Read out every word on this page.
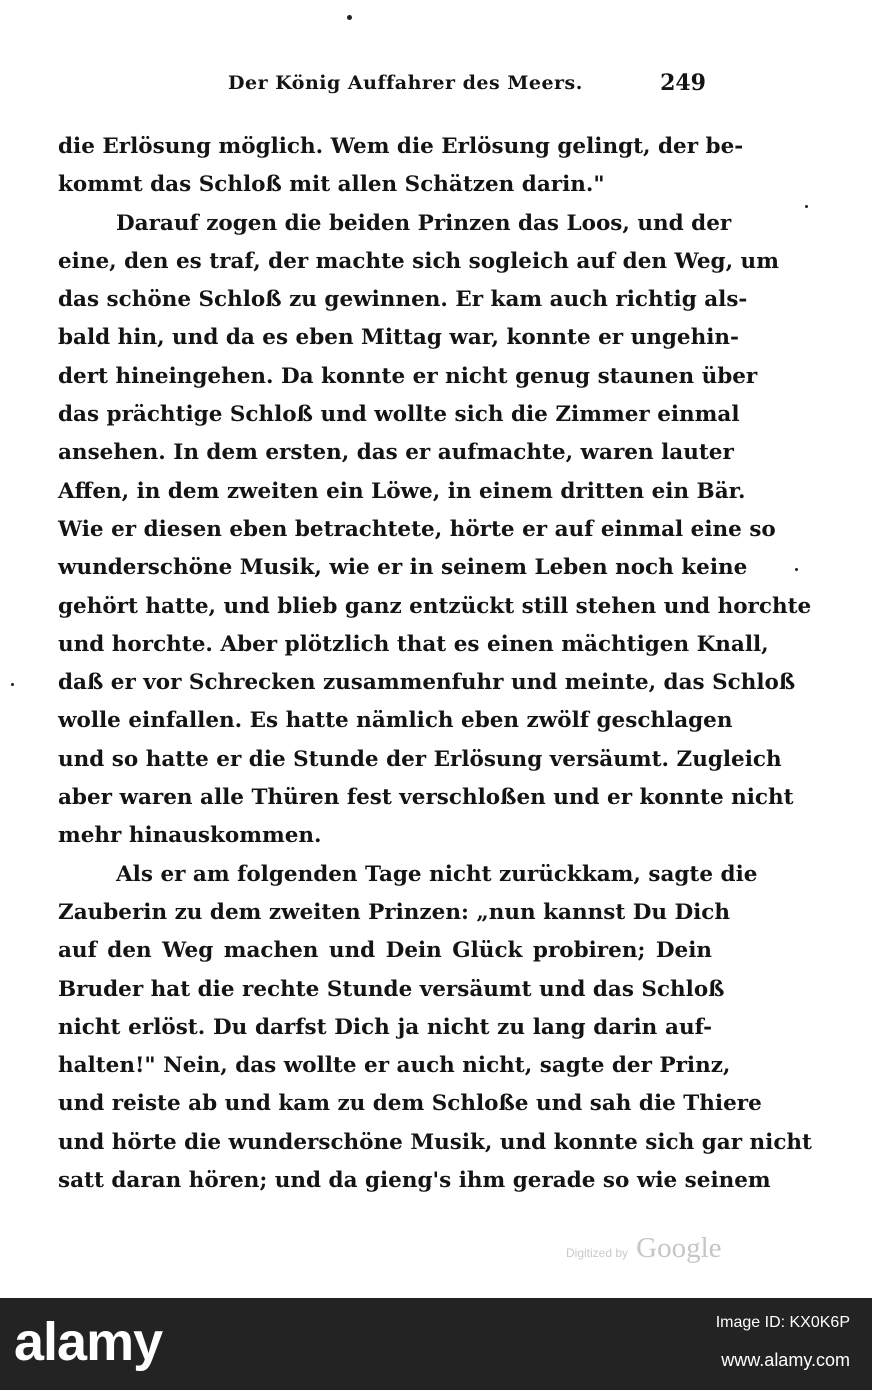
Der König Auffahrer des Meers.	249
die Erlösung möglich. Wem die Erlösung gelingt, der be-
kommt das Schloß mit allen Schätzen darin."
Darauf zogen die beiden Prinzen das Loos, und der
eine, den es traf, der machte sich sogleich auf den Weg, um
das schöne Schloß zu gewinnen. Er kam auch richtig als-
bald hin, und da es eben Mittag war, konnte er ungehin-
dert hineingehen. Da konnte er nicht genug staunen über
das prächtige Schloß und wollte sich die Zimmer einmal
ansehen. In dem ersten, das er aufmachte, waren lauter
Affen, in dem zweiten ein Löwe, in einem dritten ein Bär.
Wie er diesen eben betrachtete, hörte er auf einmal eine so
wunderschöne Musik, wie er in seinem Leben noch keine
gehört hatte, und blieb ganz entzückt still stehen und horchte
und horchte. Aber plötzlich that es einen mächtigen Knall,
daß er vor Schrecken zusammenfuhr und meinte, das Schloß
wolle einfallen. Es hatte nämlich eben zwölf geschlagen
und so hatte er die Stunde der Erlösung versäumt. Zugleich
aber waren alle Thüren fest verschloßen und er konnte nicht
mehr hinauskommen.
Als er am folgenden Tage nicht zurückkam, sagte die
Zauberin zu dem zweiten Prinzen: „nun kannst Du Dich
auf den Weg machen und Dein Glück probiren; Dein
Bruder hat die rechte Stunde versäumt und das Schloß
nicht erlöst. Du darfst Dich ja nicht zu lang darin auf-
halten!" Nein, das wollte er auch nicht, sagte der Prinz,
und reiste ab und kam zu dem Schloße und sah die Thiere
und hörte die wunderschöne Musik, und konnte sich gar nicht
satt daran hören; und da gieng's ihm gerade so wie seinem
Digitized by Google
alamy	Image ID: KX0K6P
www.alamy.com
